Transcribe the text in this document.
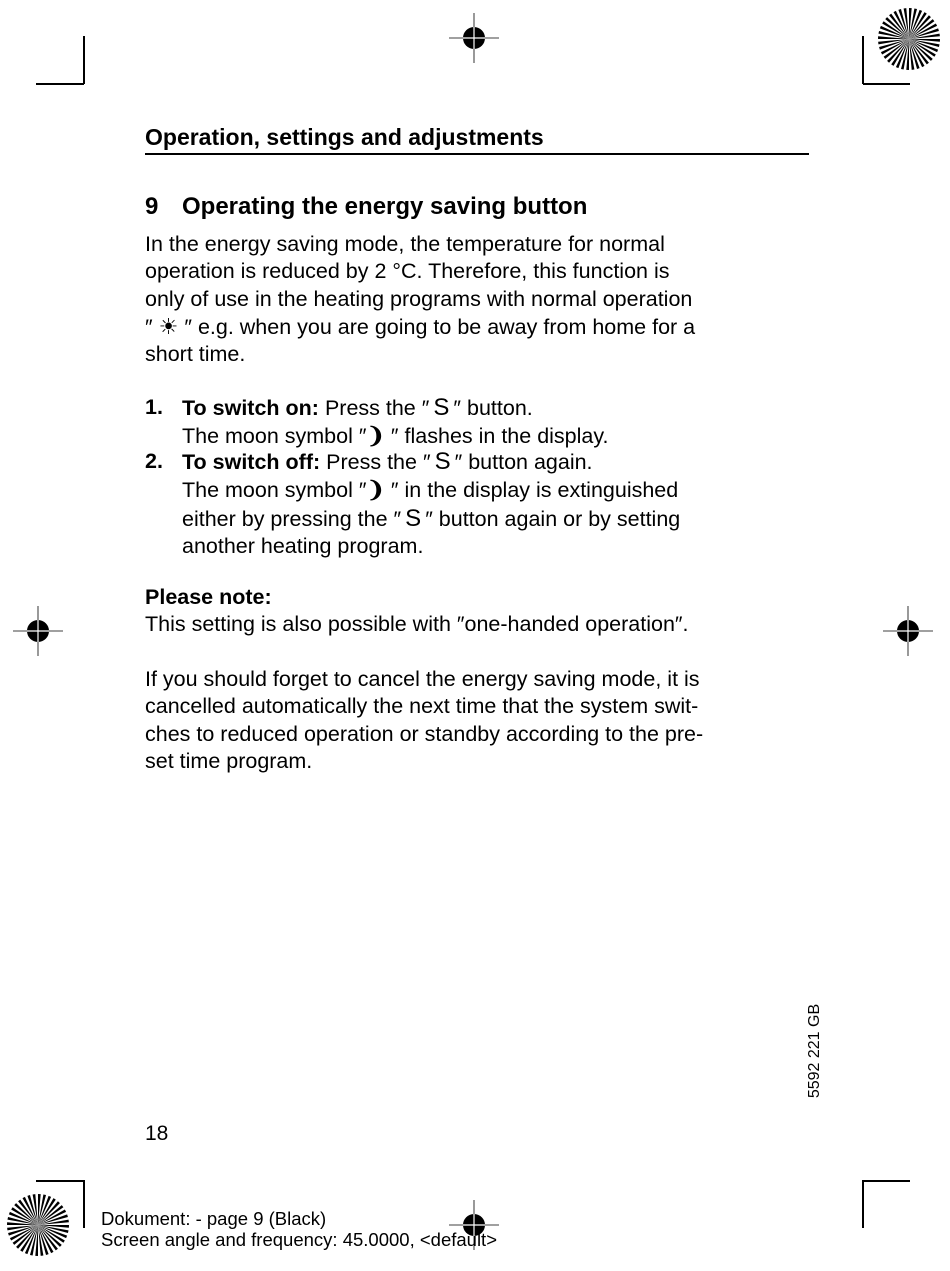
Operation, settings and adjustments
9 Operating the energy saving button
In the energy saving mode, the temperature for normal
operation is reduced by 2 °C. Therefore, this function is
only of use in the heating programs with normal operation
″ ☀ ″ e.g. when you are going to be away from home for a
short time.
1. To switch on: Press the ″ S ″ button.
The moon symbol ″❩ ″ flashes in the display.
2. To switch off: Press the ″ S ″ button again.
The moon symbol ″❩ ″ in the display is extinguished
either by pressing the ″ S ″ button again or by setting
another heating program.
Please note:
This setting is also possible with ″one-handed operation″.
If you should forget to cancel the energy saving mode, it is
cancelled automatically the next time that the system swit-
ches to reduced operation or standby according to the pre-
set time program.
5592 221 GB
18
Dokument: - page 9 (Black)
Screen angle and frequency: 45.0000, <default>
